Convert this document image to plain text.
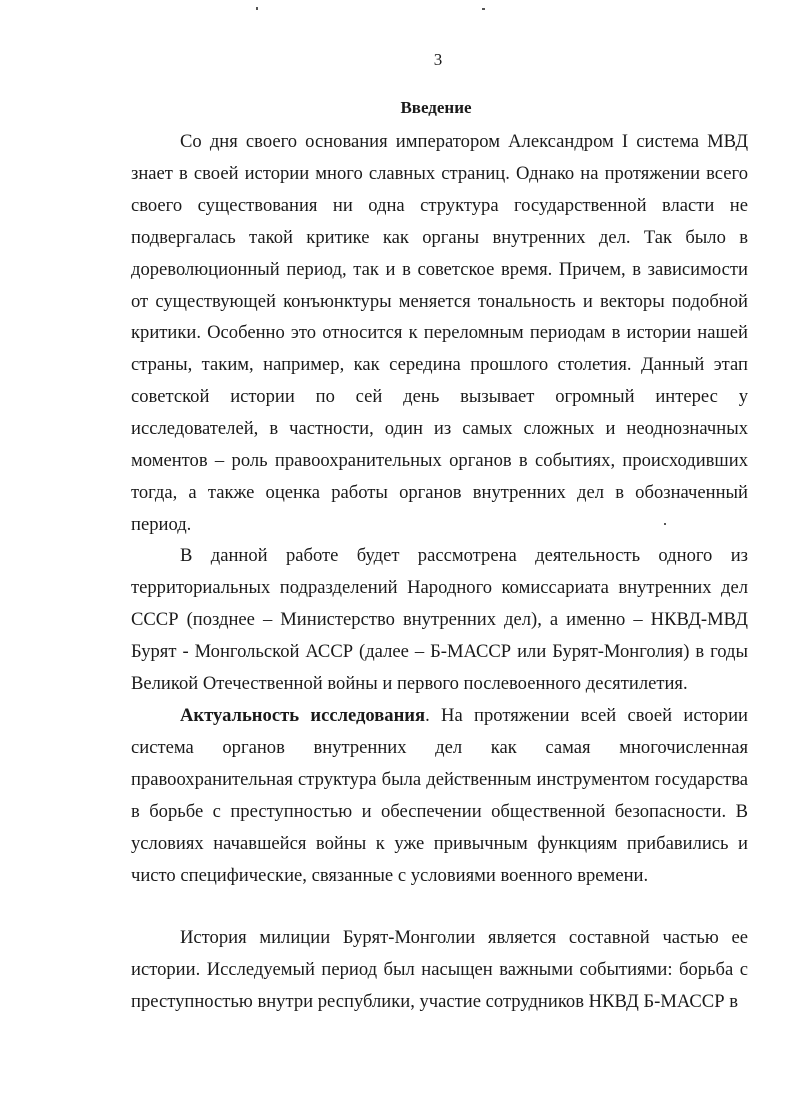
3
Введение

Со дня своего основания императором Александром I система МВД знает в своей истории много славных страниц. Однако на протяжении всего своего существования ни одна структура государственной власти не подвергалась такой критике как органы внутренних дел. Так было в дореволюционный период, так и в советское время. Причем, в зависимости от существующей конъюнктуры меняется тональность и векторы подобной критики. Особенно это относится к переломным периодам в истории нашей страны, таким, например, как середина прошлого столетия. Данный этап советской истории по сей день вызывает огромный интерес у исследователей, в частности, один из самых сложных и неоднозначных моментов – роль правоохранительных органов в событиях, происходивших тогда, а также оценка работы органов внутренних дел в обозначенный период.

В данной работе будет рассмотрена деятельность одного из территориальных подразделений Народного комиссариата внутренних дел СССР (позднее – Министерство внутренних дел), а именно – НКВД-МВД Бурят - Монгольской АССР (далее – Б-МАССР или Бурят-Монголия) в годы Великой Отечественной войны и первого послевоенного десятилетия.

Актуальность исследования. На протяжении всей своей истории система органов внутренних дел как самая многочисленная правоохранительная структура была действенным инструментом государства в борьбе с преступностью и обеспечении общественной безопасности. В условиях начавшейся войны к уже привычным функциям прибавились и чисто специфические, связанные с условиями военного времени.

История милиции Бурят-Монголии является составной частью ее истории. Исследуемый период был насыщен важными событиями: борьба с преступностью внутри республики, участие сотрудников НКВД Б-МАССР в
